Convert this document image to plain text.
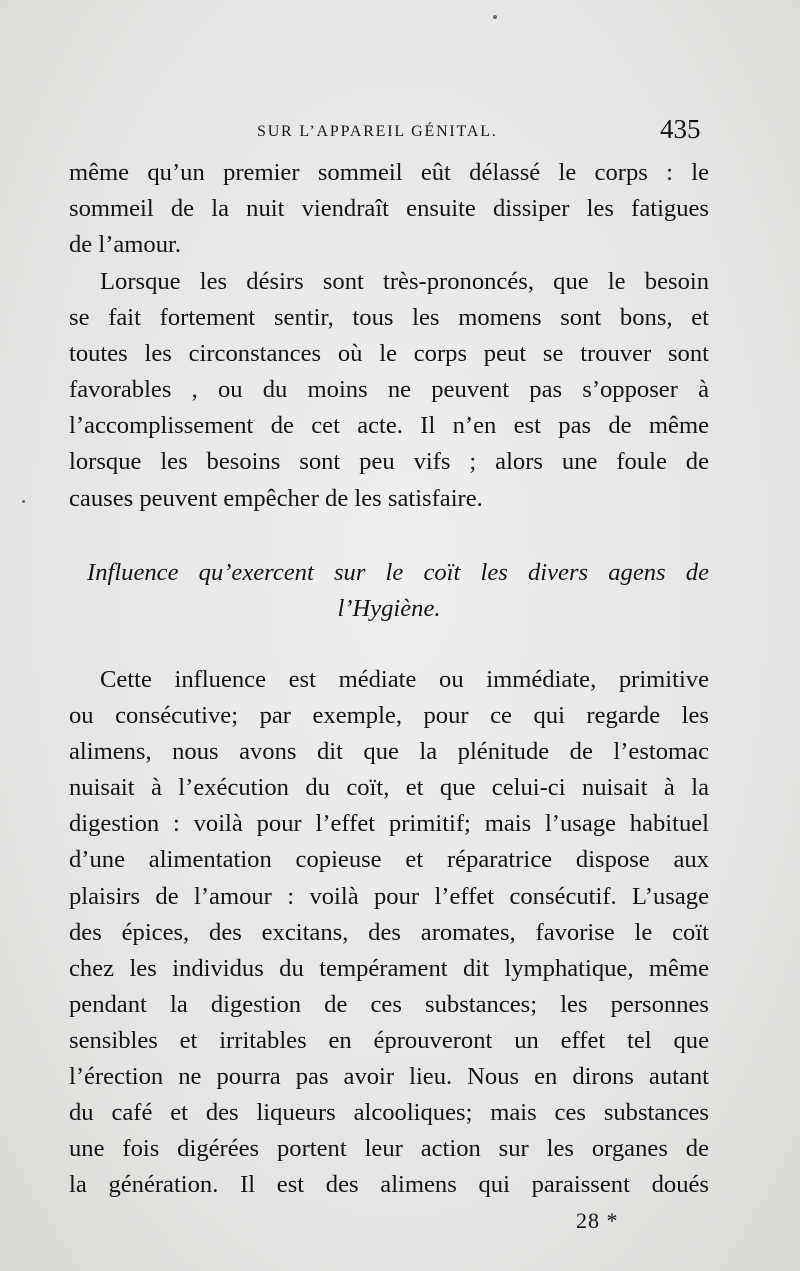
SUR L’APPAREIL GÉNITAL.	435
même qu’un premier sommeil eût délassé le corps : le
sommeil de la nuit viendraît ensuite dissiper les fatigues
de l’amour.
Lorsque les désirs sont très-prononcés, que le besoin
se fait fortement sentir, tous les momens sont bons, et
toutes les circonstances où le corps peut se trouver sont
favorables , ou du moins ne peuvent pas s’opposer à
l’accomplissement de cet acte. Il n’en est pas de même
lorsque les besoins sont peu vifs ; alors une foule de
causes peuvent empêcher de les satisfaire.
Influence qu’exercent sur le coït les divers agens de
l’Hygiène.
Cette influence est médiate ou immédiate, primitive
ou consécutive; par exemple, pour ce qui regarde les
alimens, nous avons dit que la plénitude de l’estomac
nuisait à l’exécution du coït, et que celui-ci nuisait à la
digestion : voilà pour l’effet primitif; mais l’usage habituel
d’une alimentation copieuse et réparatrice dispose aux
plaisirs de l’amour : voilà pour l’effet consécutif. L’usage
des épices, des excitans, des aromates, favorise le coït
chez les individus du tempérament dit lymphatique, même
pendant la digestion de ces substances; les personnes
sensibles et irritables en éprouveront un effet tel que
l’érection ne pourra pas avoir lieu. Nous en dirons autant
du café et des liqueurs alcooliques; mais ces substances
une fois digérées portent leur action sur les organes de
la génération. Il est des alimens qui paraissent doués
28 *
